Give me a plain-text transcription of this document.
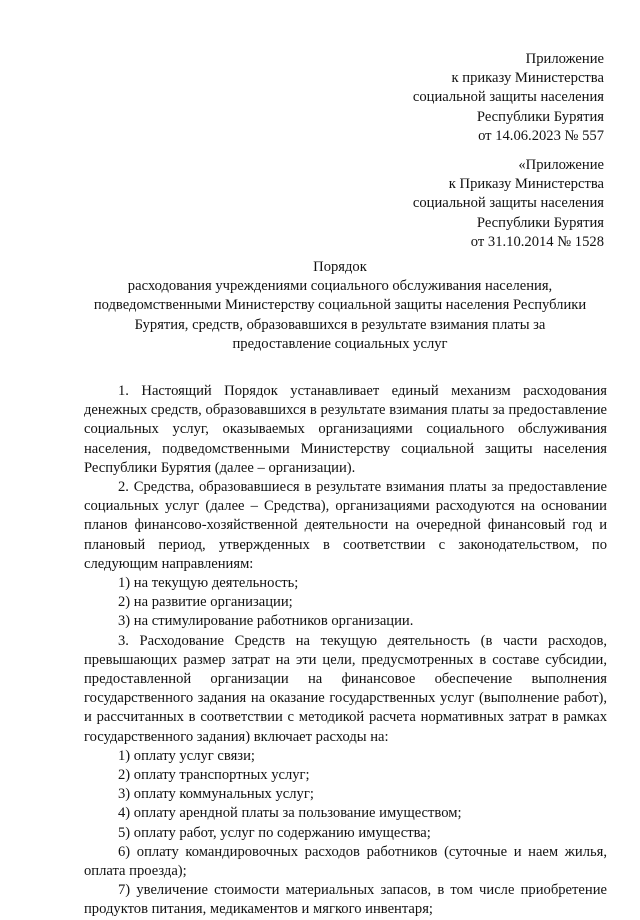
Приложение
к приказу Министерства
социальной защиты населения
Республики Бурятия
от 14.06.2023 № 557
«Приложение
к Приказу Министерства
социальной защиты населения
Республики Бурятия
от 31.10.2014 № 1528
Порядок
расходования учреждениями социального обслуживания населения,
подведомственными Министерству социальной защиты населения Республики
Бурятия, средств, образовавшихся в результате взимания платы за
предоставление социальных услуг

1. Настоящий Порядок устанавливает единый механизм расходования денежных средств, образовавшихся в результате взимания платы за предоставление социальных услуг, оказываемых организациями социального обслуживания населения, подведомственными Министерству социальной защиты населения Республики Бурятия (далее – организации).

2. Средства, образовавшиеся в результате взимания платы за предоставление социальных услуг (далее – Средства), организациями расходуются на основании планов финансово-хозяйственной деятельности на очередной финансовый год и плановый период, утвержденных в соответствии с законодательством, по следующим направлениям:

1) на текущую деятельность;

2) на развитие организации;

3) на стимулирование работников организации.

3. Расходование Средств на текущую деятельность (в части расходов, превышающих размер затрат на эти цели, предусмотренных в составе субсидии, предоставленной организации на финансовое обеспечение выполнения государственного задания на оказание государственных услуг (выполнение работ), и рассчитанных в соответствии с методикой расчета нормативных затрат в рамках государственного задания) включает расходы на:

1) оплату услуг связи;

2) оплату транспортных услуг;

3) оплату коммунальных услуг;

4) оплату арендной платы за пользование имуществом;

5) оплату работ, услуг по содержанию имущества;

6) оплату командировочных расходов работников (суточные и наем жилья, оплата проезда);

7) увеличение стоимости материальных запасов, в том числе приобретение продуктов питания, медикаментов и мягкого инвентаря;
